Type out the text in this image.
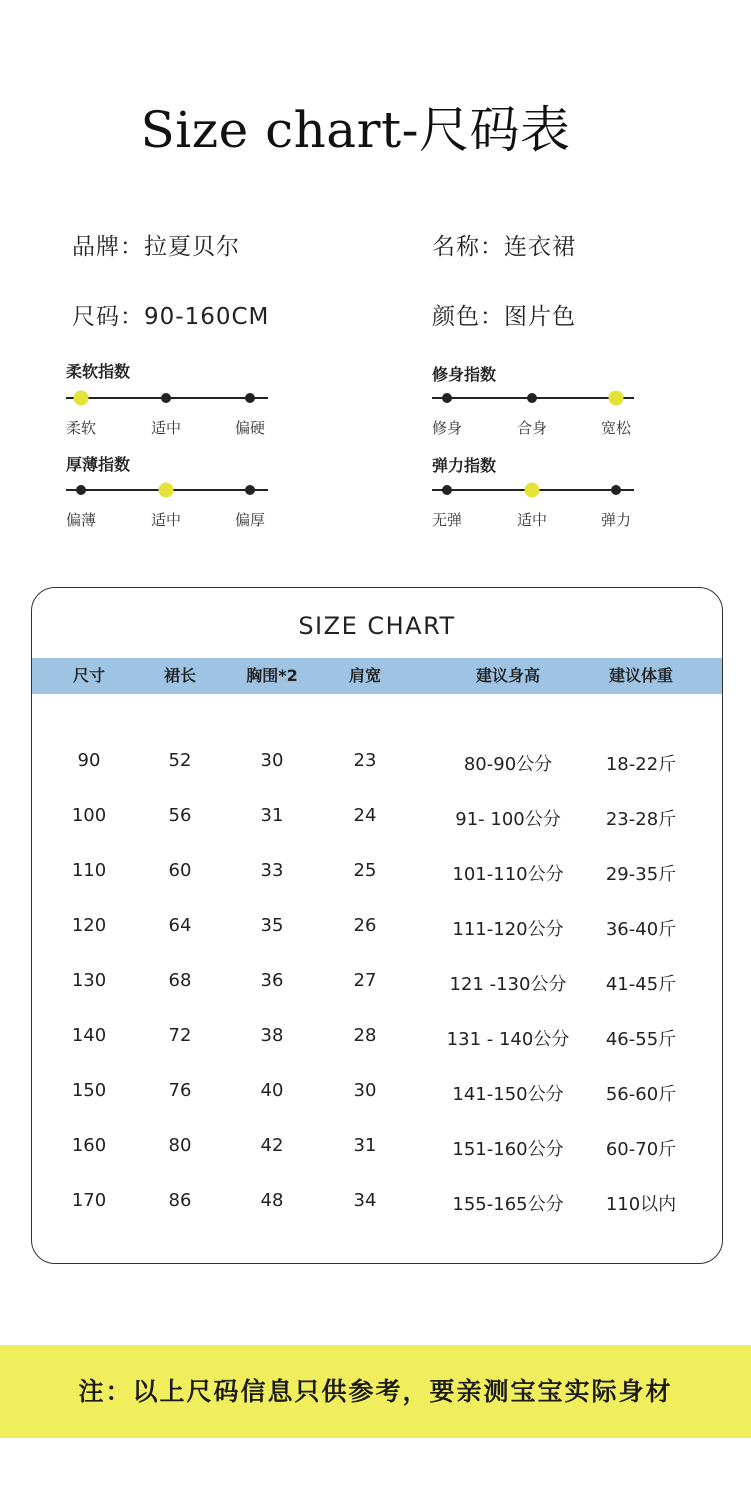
Size chart-尺码表
品牌：拉夏贝尔	名称：连衣裙
尺码：90-160CM	颜色：图片色
柔软指数
柔软	适中	偏硬
修身指数
修身	合身	宽松
厚薄指数
偏薄	适中	偏厚
弹力指数
无弹	适中	弹力
SIZE CHART
尺寸	裙长	胸围*2	肩宽	建议身高	建议体重
90	52	30	23	80-90公分	18-22斤
100	56	31	24	91- 100公分	23-28斤
110	60	33	25	101-110公分 29-35斤
120	64	35	26	111-120公分 36-40斤
130	68	36	27	121 -130公分 41-45斤
140	72	38	28	131 - 140公分 46-55斤
150	76	40	30	141-150公分 56-60斤
160	80	42	31	151-160公分 60-70斤
170	86	48	34	155-165公分 110以内
注：以上尺码信息只供参考，要亲测宝宝实际身材
